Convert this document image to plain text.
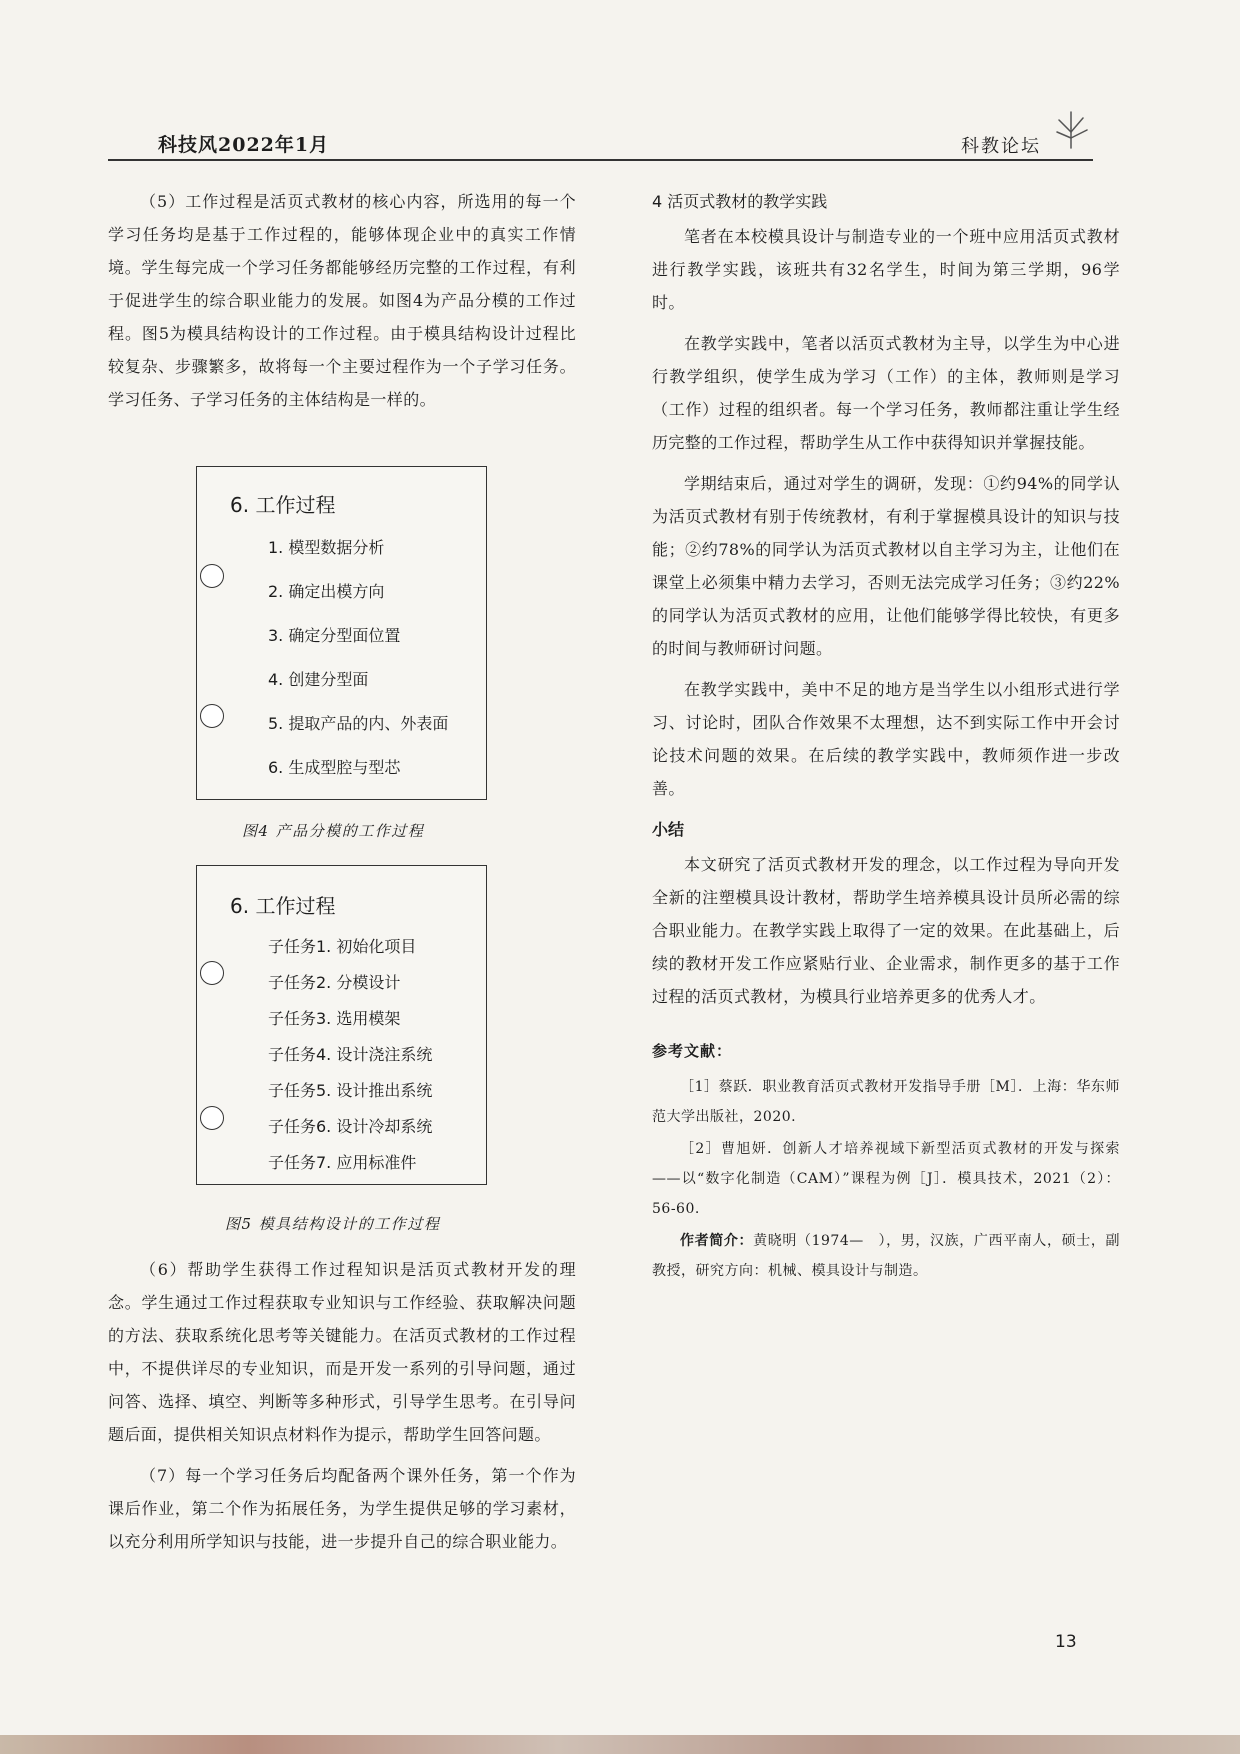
科技风2022年1月	科教论坛

（5）工作过程是活页式教材的核心内容，所选用的每一个学习任务均是基于工作过程的，能够体现企业中的真实工作情境。学生每完成一个学习任务都能够经历完整的工作过程，有利于促进学生的综合职业能力的发展。如图4为产品分模的工作过程。图5为模具结构设计的工作过程。由于模具结构设计过程比较复杂、步骤繁多，故将每一个主要过程作为一个子学习任务。学习任务、子学习任务的主体结构是一样的。

6. 工作过程
1. 模型数据分析
2. 确定出模方向
3. 确定分型面位置
4. 创建分型面
5. 提取产品的内、外表面
6. 生成型腔与型芯
图4 产品分模的工作过程
6. 工作过程
子任务1. 初始化项目
子任务2. 分模设计
子任务3. 选用模架
子任务4. 设计浇注系统
子任务5. 设计推出系统
子任务6. 设计冷却系统
子任务7. 应用标准件
图5 模具结构设计的工作过程

（6）帮助学生获得工作过程知识是活页式教材开发的理念。学生通过工作过程获取专业知识与工作经验、获取解决问题的方法、获取系统化思考等关键能力。在活页式教材的工作过程中，不提供详尽的专业知识，而是开发一系列的引导问题，通过问答、选择、填空、判断等多种形式，引导学生思考。在引导问题后面，提供相关知识点材料作为提示，帮助学生回答问题。

（7）每一个学习任务后均配备两个课外任务，第一个作为课后作业，第二个作为拓展任务，为学生提供足够的学习素材，以充分利用所学知识与技能，进一步提升自己的综合职业能力。

4 活页式教材的教学实践

笔者在本校模具设计与制造专业的一个班中应用活页式教材进行教学实践，该班共有32名学生，时间为第三学期，96学时。

在教学实践中，笔者以活页式教材为主导，以学生为中心进行教学组织，使学生成为学习（工作）的主体，教师则是学习（工作）过程的组织者。每一个学习任务，教师都注重让学生经历完整的工作过程，帮助学生从工作中获得知识并掌握技能。

学期结束后，通过对学生的调研，发现：①约94%的同学认为活页式教材有别于传统教材，有利于掌握模具设计的知识与技能；②约78%的同学认为活页式教材以自主学习为主，让他们在课堂上必须集中精力去学习，否则无法完成学习任务；③约22%的同学认为活页式教材的应用，让他们能够学得比较快，有更多的时间与教师研讨问题。

在教学实践中，美中不足的地方是当学生以小组形式进行学习、讨论时，团队合作效果不太理想，达不到实际工作中开会讨论技术问题的效果。在后续的教学实践中，教师须作进一步改善。

小结

本文研究了活页式教材开发的理念，以工作过程为导向开发全新的注塑模具设计教材，帮助学生培养模具设计员所必需的综合职业能力。在教学实践上取得了一定的效果。在此基础上，后续的教材开发工作应紧贴行业、企业需求，制作更多的基于工作过程的活页式教材，为模具行业培养更多的优秀人才。

参考文献：

［1］蔡跃．职业教育活页式教材开发指导手册［M］．上海：华东师范大学出版社，2020.

［2］曹旭妍．创新人才培养视域下新型活页式教材的开发与探索——以“数字化制造（CAM）”课程为例［J］．模具技术，2021（2）：56-60.

作者简介：黄晓明（1974—　），男，汉族，广西平南人，硕士，副教授，研究方向：机械、模具设计与制造。

13
